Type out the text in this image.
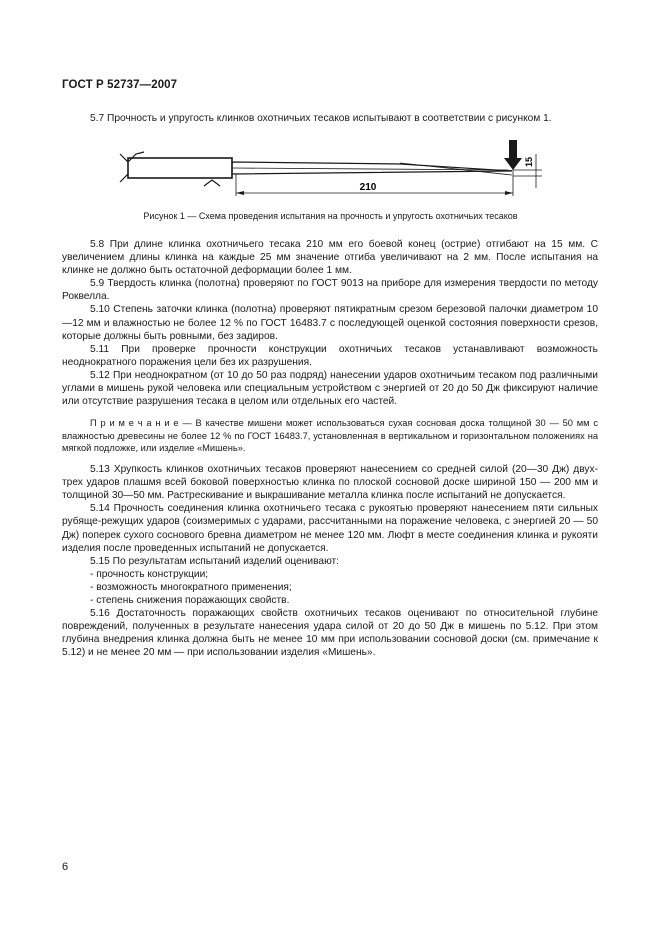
ГОСТ Р 52737—2007
5.7 Прочность и упругость клинков охотничьих тесаков испытывают в соответствии с рисунком 1.
210
15
Рисунок 1 — Схема проведения испытания на прочность и упругость охотничьих тесаков

5.8 При длине клинка охотничьего тесака 210 мм его боевой конец (острие) отгибают на 15 мм. С увеличением длины клинка на каждые 25 мм значение отгиба увеличивают на 2 мм. После испытания на клинке не должно быть остаточной деформации более 1 мм.

5.9 Твердость клинка (полотна) проверяют по ГОСТ 9013 на приборе для измерения твердости по методу Роквелла.

5.10 Степень заточки клинка (полотна) проверяют пятикратным срезом березовой палочки диаметром 10—12 мм и влажностью не более 12 % по ГОСТ 16483.7 с последующей оценкой состояния поверхности срезов, которые должны быть ровными, без задиров.

5.11 При проверке прочности конструкции охотничьих тесаков устанавливают возможность неоднократного поражения цели без их разрушения.

5.12 При неоднократном (от 10 до 50 раз подряд) нанесении ударов охотничьим тесаком под различными углами в мишень рукой человека или специальным устройством с энергией от 20 до 50 Дж фиксируют наличие или отсутствие разрушения тесака в целом или отдельных его частей.

П р и м е ч а н и е — В качестве мишени может использоваться сухая сосновая доска толщиной 30 — 50 мм с влажностью древесины не более 12 % по ГОСТ 16483.7, установленная в вертикальном и горизонтальном положениях на мягкой подложке, или изделие «Мишень».

5.13 Хрупкость клинков охотничьих тесаков проверяют нанесением со средней силой (20—30 Дж) двух-трех ударов плашмя всей боковой поверхностью клинка по плоской сосновой доске шириной 150 — 200 мм и толщиной 30—50 мм. Растрескивание и выкрашивание металла клинка после испытаний не допускается.

5.14 Прочность соединения клинка охотничьего тесака с рукоятью проверяют нанесением пяти сильных рубяще-режущих ударов (соизмеримых с ударами, рассчитанными на поражение человека, с энергией 20 — 50 Дж) поперек сухого соснового бревна диаметром не менее 120 мм. Люфт в месте соединения клинка и рукояти изделия после проведенных испытаний не допускается.

5.15 По результатам испытаний изделий оценивают:

- прочность конструкции;

- возможность многократного применения;

- степень снижения поражающих свойств.

5.16 Достаточность поражающих свойств охотничьих тесаков оценивают по относительной глубине повреждений, полученных в результате нанесения удара силой от 20 до 50 Дж в мишень по 5.12. При этом глубина внедрения клинка должна быть не менее 10 мм при использовании сосновой доски (см. примечание к 5.12) и не менее 20 мм — при использовании изделия «Мишень».

6
